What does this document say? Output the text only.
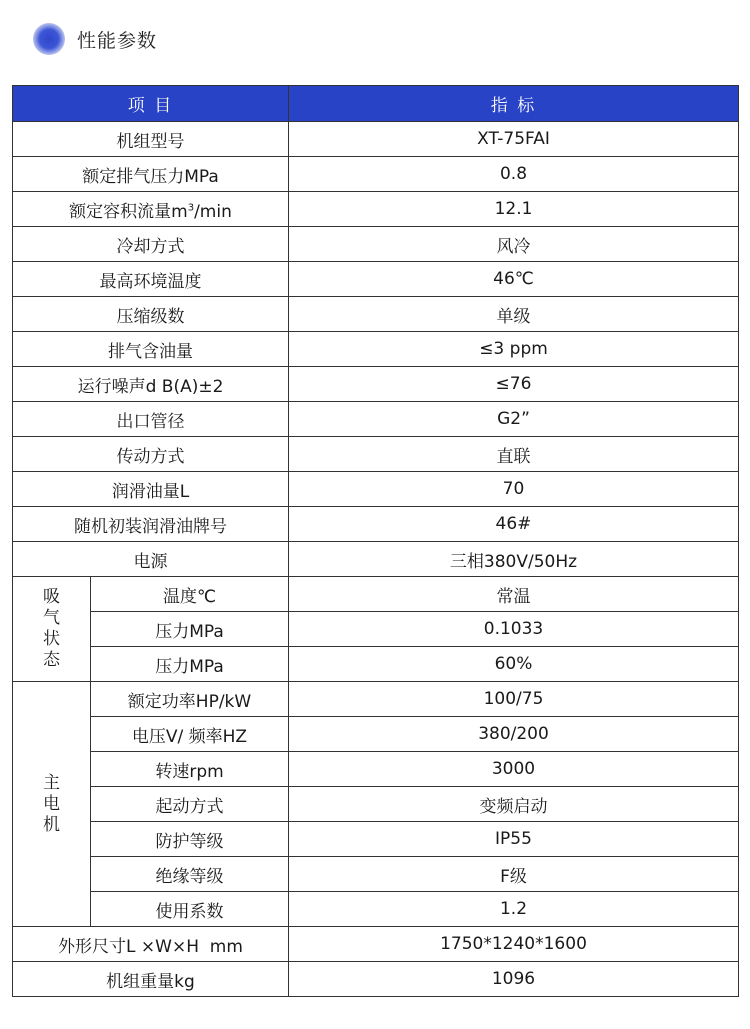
性能参数
项 目		指 标
机组型号		XT-75FAI
额定排气压力MPa		0.8
额定容积流量$m^3/\min$		12.1
冷却方式		风冷
最高环境温度		46℃
压缩级数		单级
排气含油量		≤3 ppm
运行噪声d B(A)±2		≤76
出口管径		G2”
传动方式		直联
润滑油量L		70
随机初装润滑油牌号		46#
电源		三相380V/50Hz

吸
气
状
态	温度℃	常温
	压力MPa	0.1033
	压力MPa	60%

主
电
机	额定功率HP/kW	100/75
	电压V/ 频率HZ	380/200
	转速rpm	3000
	起动方式	变频启动
	防护等级	IP55
	绝缘等级	F级
	使用系数	1.2
外形尺寸L ×W×H  mm		1750*1240*1600
机组重量kg		1096
